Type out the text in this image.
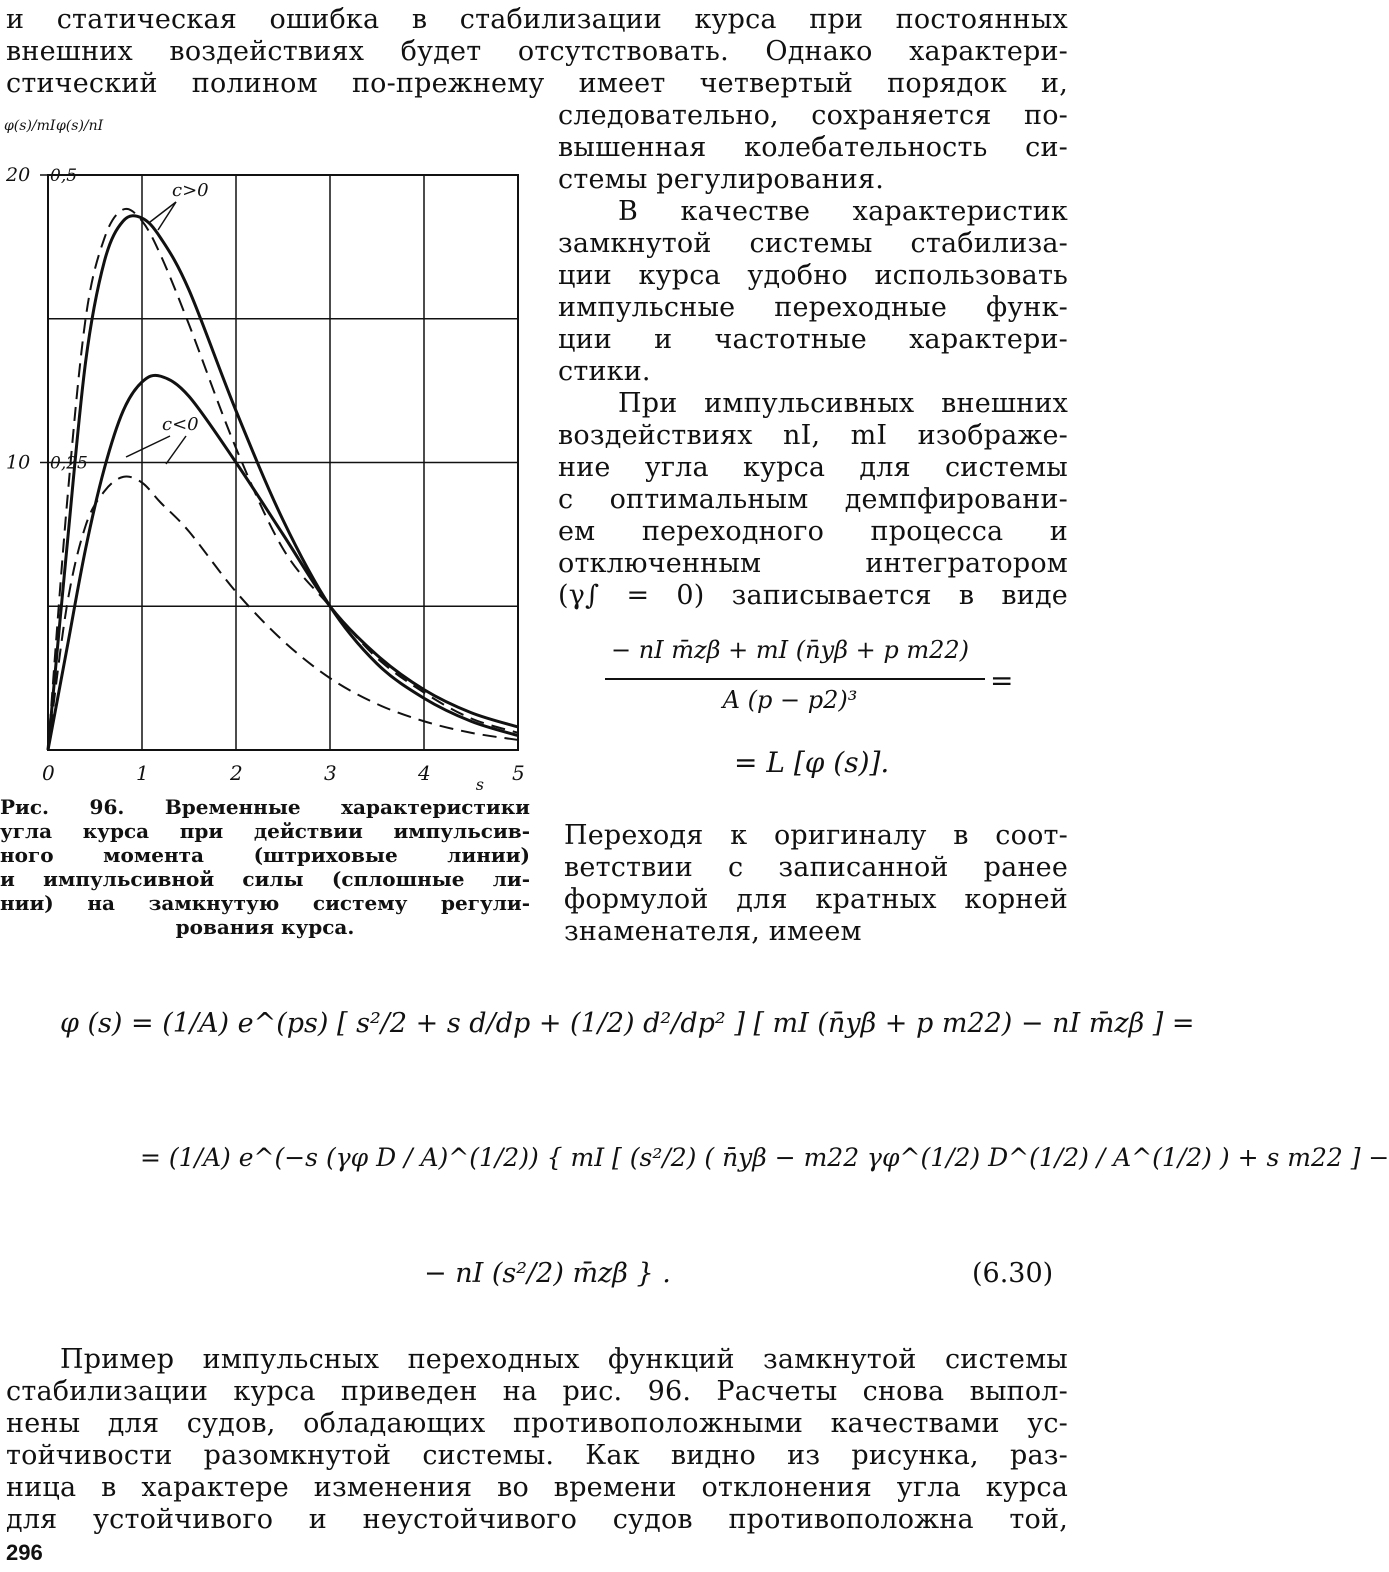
и статическая ошибка в стабилизации курса при постоянных
внешних воздействиях будет отсутствовать. Однако характери-
стический полином по-прежнему имеет четвертый порядок и,
0	1	2	3	4	5
s
20 0,5
10 0,25
φ(s)/mI φ(s)/nI
c>0
c<0
следовательно, сохраняется по-
вышенная колебательность си-
стемы регулирования.
В качестве характеристик
замкнутой системы стабилиза-
ции курса удобно использовать
импульсные переходные функ-
ции и частотные характери-
стики.
При импульсивных внешних
воздействиях nI, mI изображе-
ние угла курса для системы
с оптимальным демпфировани-
ем переходного процесса и
отключенным интегратором
(γ∫ = 0) записывается в виде
− nI m̄zβ + mI (n̄yβ + p m22)
=
A (p − p2)³
= L [φ (s)].
Рис. 96. Временные характеристики
угла курса при действии импульсив-
ного момента (штриховые линии)
и импульсивной силы (сплошные ли-
нии) на замкнутую систему регули-
рования курса.
Переходя к оригиналу в соот-
ветствии с записанной ранее
формулой для кратных корней
знаменателя, имеем
φ (s) = (1/A) e^(ps) [ s²/2 + s d/dp + (1/2) d²/dp² ] [ mI (n̄yβ + p m22) − nI m̄zβ ] =
= (1/A) e^(−s (γφ D / A)^(1/2)) { mI [ (s²/2) ( n̄yβ − m22 γφ^(1/2) D^(1/2) / A^(1/2) ) + s m22 ] −
− nI (s²/2) m̄zβ } .	(6.30)
Пример импульсных переходных функций замкнутой системы
стабилизации курса приведен на рис. 96. Расчеты снова выпол-
нены для судов, обладающих противоположными качествами ус-
тойчивости разомкнутой системы. Как видно из рисунка, раз-
ница в характере изменения во времени отклонения угла курса
для устойчивого и неустойчивого судов противоположна той,
296
